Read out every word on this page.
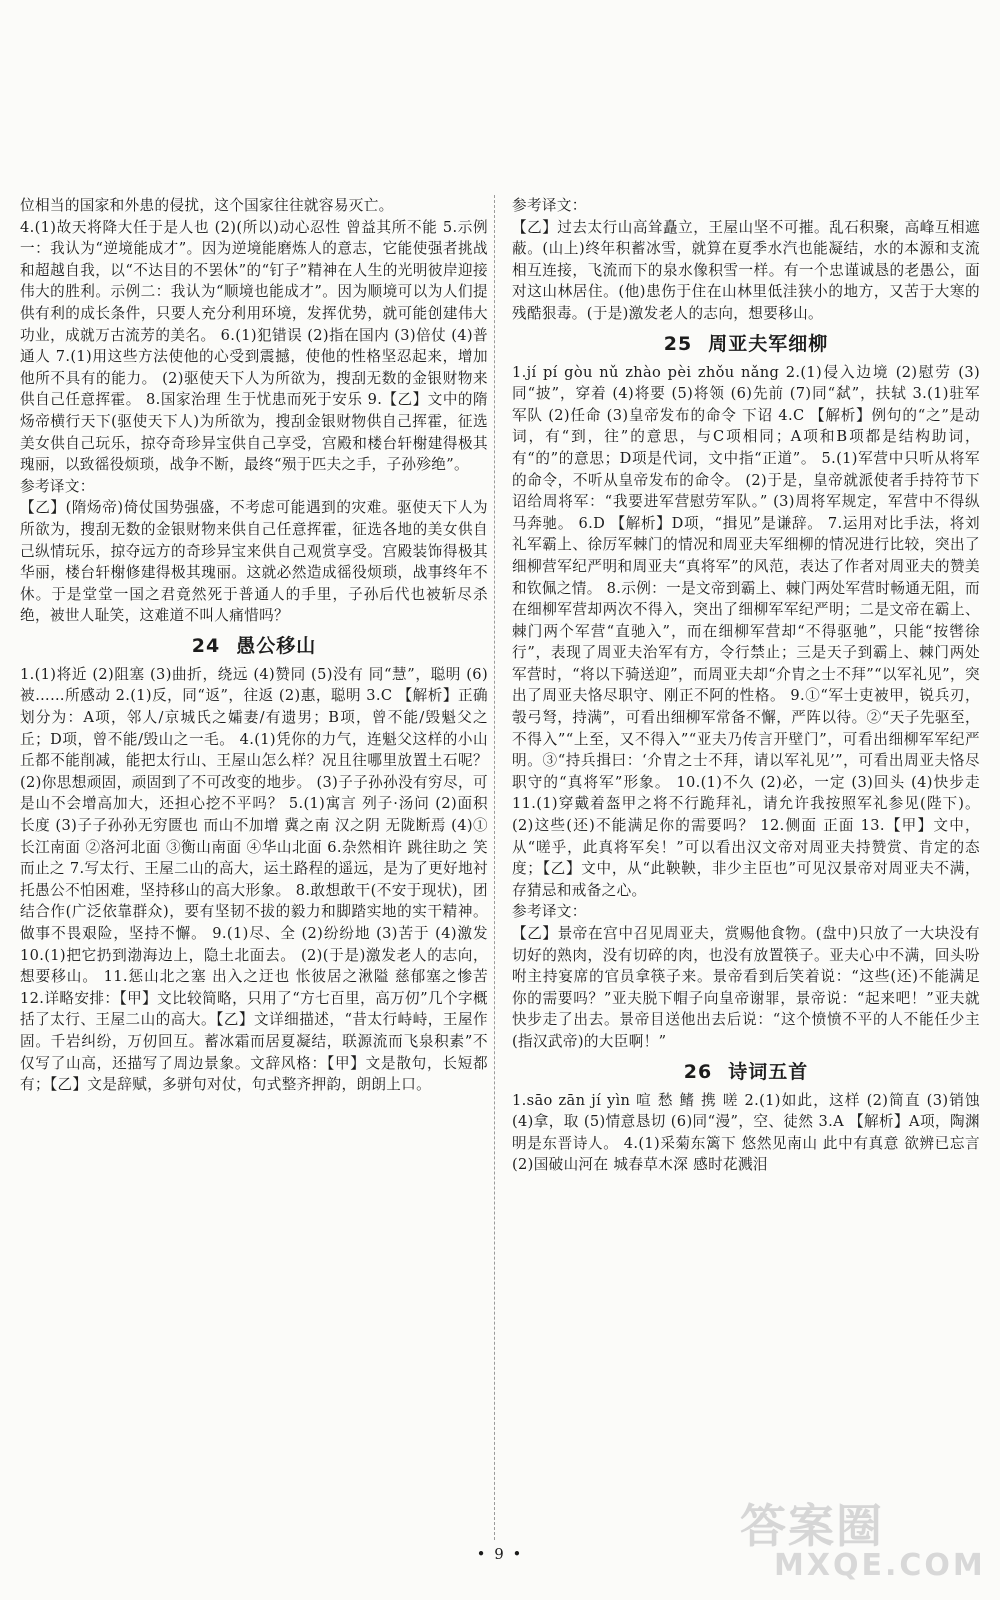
位相当的国家和外患的侵扰，这个国家往往就容易灭亡。

4.(1)故天将降大任于是人也 (2)(所以)动心忍性 曾益其所不能 5.示例一：我认为“逆境能成才”。因为逆境能磨炼人的意志，它能使强者挑战和超越自我，以“不达目的不罢休”的“钉子”精神在人生的光明彼岸迎接伟大的胜利。示例二：我认为“顺境也能成才”。因为顺境可以为人们提供有利的成长条件，只要人充分利用环境，发挥优势，就可能创建伟大功业，成就万古流芳的美名。 6.(1)犯错误 (2)指在国内 (3)倍仗 (4)普通人 7.(1)用这些方法使他的心受到震撼，使他的性格坚忍起来，增加他所不具有的能力。 (2)驱使天下人为所欲为，搜刮无数的金银财物来供自己任意挥霍。 8.国家治理 生于忧患而死于安乐 9.【乙】文中的隋炀帝横行天下(驱使天下人)为所欲为，搜刮金银财物供自己挥霍，征选美女供自己玩乐，掠夺奇珍异宝供自己享受，宫殿和楼台轩榭建得极其瑰丽，以致徭役烦琐，战争不断，最终“殒于匹夫之手，子孙殄绝”。

参考译文：

【乙】(隋炀帝)倚仗国势强盛，不考虑可能遇到的灾难。驱使天下人为所欲为，搜刮无数的金银财物来供自己任意挥霍，征选各地的美女供自己纵情玩乐，掠夺远方的奇珍异宝来供自己观赏享受。宫殿装饰得极其华丽，楼台轩榭修建得极其瑰丽。这就必然造成徭役烦琐，战事终年不休。于是堂堂一国之君竟然死于普通人的手里，子孙后代也被斩尽杀绝，被世人耻笑，这难道不叫人痛惜吗？

24 愚公移山

1.(1)将近 (2)阻塞 (3)曲折，绕远 (4)赞同 (5)没有 同“慧”，聪明 (6)被……所感动 2.(1)反，同“返”，往返 (2)惠，聪明 3.C 【解析】正确划分为：A项，邻人/京城氏之孀妻/有遗男；B项，曾不能/毁魁父之丘；D项，曾不能/毁山之一毛。 4.(1)凭你的力气，连魁父这样的小山丘都不能削减，能把太行山、王屋山怎么样？况且往哪里放置土石呢？ (2)你思想顽固，顽固到了不可改变的地步。 (3)子子孙孙没有穷尽，可是山不会增高加大，还担心挖不平吗？ 5.(1)寓言 列子·汤问 (2)面积 长度 (3)子子孙孙无穷匮也 而山不加增 冀之南 汉之阴 无陇断焉 (4)①长江南面 ②洛河北面 ③衡山南面 ④华山北面 6.杂然相许 跳往助之 笑而止之 7.写太行、王屋二山的高大，运土路程的遥远，是为了更好地衬托愚公不怕困难，坚持移山的高大形象。 8.敢想敢干(不安于现状)，团结合作(广泛依靠群众)，要有坚韧不拔的毅力和脚踏实地的实干精神。做事不畏艰险，坚持不懈。 9.(1)尽、全 (2)纷纷地 (3)苦于 (4)激发 10.(1)把它扔到渤海边上，隐土北面去。 (2)(于是)激发老人的志向，想要移山。 11.惩山北之塞 出入之迂也 怅彼居之湫隘 慈郁塞之惨苦 12.详略安排：【甲】文比较简略，只用了“方七百里，高万仞”几个字概括了太行、王屋二山的高大。【乙】文详细描述，“昔太行峙峙，王屋作固。千岩纠纷，万仞回互。蓄冰霜而居夏凝结，联源流而飞泉积素”不仅写了山高，还描写了周边景象。文辞风格：【甲】文是散句，长短都有；【乙】文是辞赋，多骈句对仗，句式整齐押韵，朗朗上口。

参考译文：

【乙】过去太行山高耸矗立，王屋山坚不可摧。乱石积聚，高峰互相遮蔽。(山上)终年积蓄冰雪，就算在夏季水汽也能凝结，水的本源和支流相互连接，飞流而下的泉水像积雪一样。有一个忠谨诚恳的老愚公，面对这山林居住。(他)患伤于住在山林里低洼狭小的地方，又苦于大寒的残酷狠毒。(于是)激发老人的志向，想要移山。

25 周亚夫军细柳

1.jí pí gòu nǔ zhào pèi zhǒu nǎng 2.(1)侵入边境 (2)慰劳 (3)同“披”，穿着 (4)将要 (5)将领 (6)先前 (7)同“弑”，扶轼 3.(1)驻军 军队 (2)任命 (3)皇帝发布的命令 下诏 4.C 【解析】例句的“之”是动词，有“到，往”的意思，与C项相同；A项和B项都是结构助词，有“的”的意思；D项是代词，文中指“正道”。 5.(1)军营中只听从将军的命令，不听从皇帝发布的命令。 (2)于是，皇帝就派使者手持符节下诏给周将军：“我要进军营慰劳军队。” (3)周将军规定，军营中不得纵马奔驰。 6.D 【解析】D项，“揖见”是谦辞。 7.运用对比手法，将刘礼军霸上、徐厉军棘门的情况和周亚夫军细柳的情况进行比较，突出了细柳营军纪严明和周亚夫“真将军”的风范，表达了作者对周亚夫的赞美和钦佩之情。 8.示例：一是文帝到霸上、棘门两处军营时畅通无阻，而在细柳军营却两次不得入，突出了细柳军军纪严明；二是文帝在霸上、棘门两个军营“直驰入”，而在细柳军营却“不得驱驰”，只能“按辔徐行”，表现了周亚夫治军有方，令行禁止；三是天子到霸上、棘门两处军营时，“将以下骑送迎”，而周亚夫却“介胄之士不拜”“以军礼见”，突出了周亚夫恪尽职守、刚正不阿的性格。 9.①“军士吏被甲，锐兵刃，彀弓弩，持满”，可看出细柳军常备不懈，严阵以待。②“天子先驱至，不得入”“上至，又不得入”“亚夫乃传言开壁门”，可看出细柳军军纪严明。③“持兵揖曰：‘介胄之士不拜，请以军礼见’”，可看出周亚夫恪尽职守的“真将军”形象。 10.(1)不久 (2)必，一定 (3)回头 (4)快步走 11.(1)穿戴着盔甲之将不行跪拜礼，请允许我按照军礼参见(陛下)。 (2)这些(还)不能满足你的需要吗？ 12.侧面 正面 13.【甲】文中，从“嗟乎，此真将军矣！”可以看出汉文帝对周亚夫持赞赏、肯定的态度；【乙】文中，从“此鞅鞅，非少主臣也”可见汉景帝对周亚夫不满，存猜忌和戒备之心。

参考译文：

【乙】景帝在宫中召见周亚夫，赏赐他食物。(盘中)只放了一大块没有切好的熟肉，没有切碎的肉，也没有放置筷子。亚夫心中不满，回头吩咐主持宴席的官员拿筷子来。景帝看到后笑着说：“这些(还)不能满足你的需要吗？”亚夫脱下帽子向皇帝谢罪，景帝说：“起来吧！”亚夫就快步走了出去。景帝目送他出去后说：“这个愤愤不平的人不能任少主(指汉武帝)的大臣啊！”

26 诗词五首

1.sāo zān jí yìn 喧 愁 鳍 携 嗟 2.(1)如此，这样 (2)简直 (3)销蚀 (4)拿，取 (5)情意恳切 (6)同“漫”，空、徒然 3.A 【解析】A项，陶渊明是东晋诗人。 4.(1)采菊东篱下 悠然见南山 此中有真意 欲辨已忘言 (2)国破山河在 城春草木深 感时花溅泪

• 9 •
答案圈
MXQE.COM
